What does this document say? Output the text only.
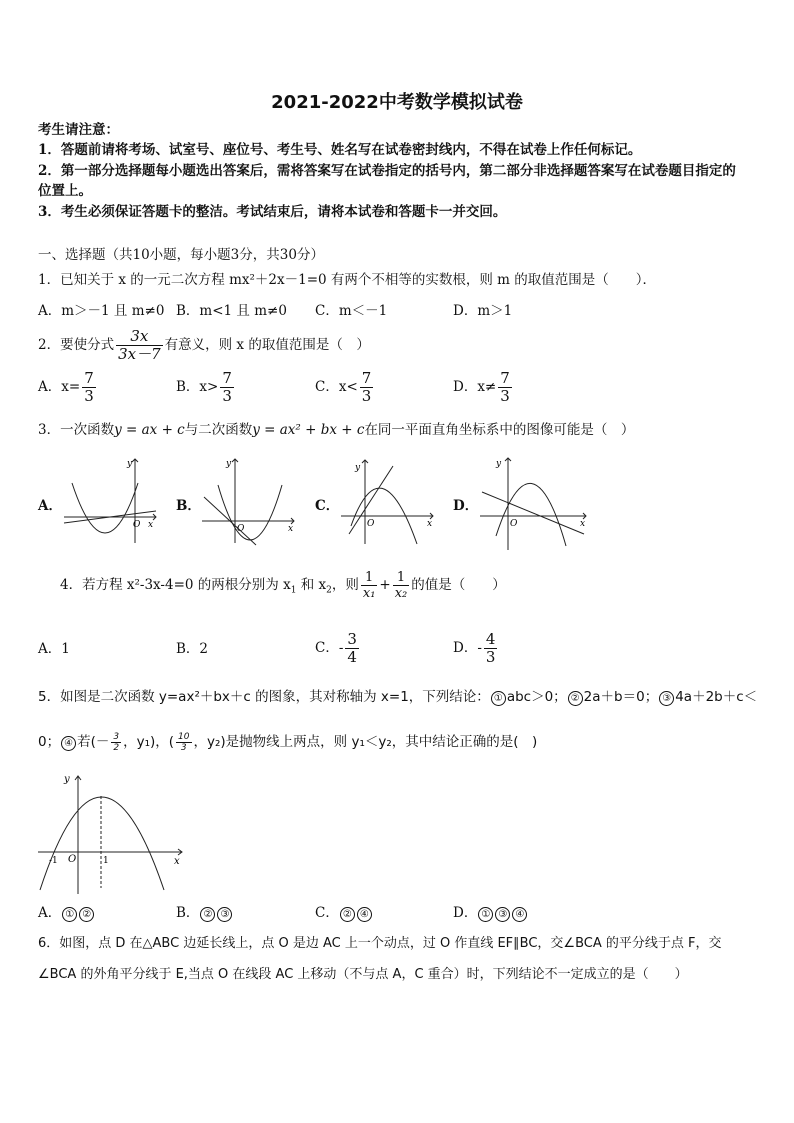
2021-2022中考数学模拟试卷
考生请注意：
1．答题前请将考场、试室号、座位号、考生号、姓名写在试卷密封线内，不得在试卷上作任何标记。
2．第一部分选择题每小题选出答案后，需将答案写在试卷指定的括号内，第二部分非选择题答案写在试卷题目指定的
位置上。
3．考生必须保证答题卡的整洁。考试结束后，请将本试卷和答题卡一并交回。
一、选择题（共10小题，每小题3分，共30分）
1．已知关于 x 的一元二次方程 mx²＋2x－1=0 有两个不相等的实数根，则 m 的取值范围是（　　）．
A．m＞－1 且 m≠0 B．m<1 且 m≠0 C．m＜－1	D．m＞1
2．要使分式 $\frac{3x}{3x-7}$ 有意义，则 x 的取值范围是（　）
A．$x= \frac{7}{3}$	B．$x> \frac{7}{3}$	C．$x< \frac{7}{3}$	D．$x\ne \frac{7}{3}$
3．一次函数y = ax + c与二次函数y = ax² + bx + c在同一平面直角坐标系中的图像可能是（　）
A．	B．	C．	D．
y
x
O
y
x
O
y
x
O
y
x
O
4．若方程 x²-3x-4=0 的两根分别为 $x_1$ 和 $x_2$，则 $\frac{1}{\text{x₁}} + \frac{1}{\text{x₂}}$ 的值是（　　）
A．1	B．2	C．- $\frac{3}{4}$	D．- $\frac{4}{3}$
5．如图是二次函数 y=ax²＋bx＋c 的图象，其对称轴为 x=1，下列结论： ① abc＞0； ② 2a＋b＝0； ③ 4a＋2b＋c＜
0； ④ 若(－ $\frac{3}{2}$ ，y₁)，( $\frac{10}{3}$ ，y₂)是抛物线上两点，则 y₁＜y₂，其中结论正确的是(　)
y
x
O
-1	1
A． ① ②	B． ② ③	C． ② ④	D． ① ③ ④
6．如图，点 D 在△ABC 边延长线上，点 O 是边 AC 上一个动点，过 O 作直线 EF∥BC，交∠BCA 的平分线于点 F，交
∠BCA 的外角平分线于 E,当点 O 在线段 AC 上移动（不与点 A，C 重合）时，下列结论不一定成立的是（　　）
